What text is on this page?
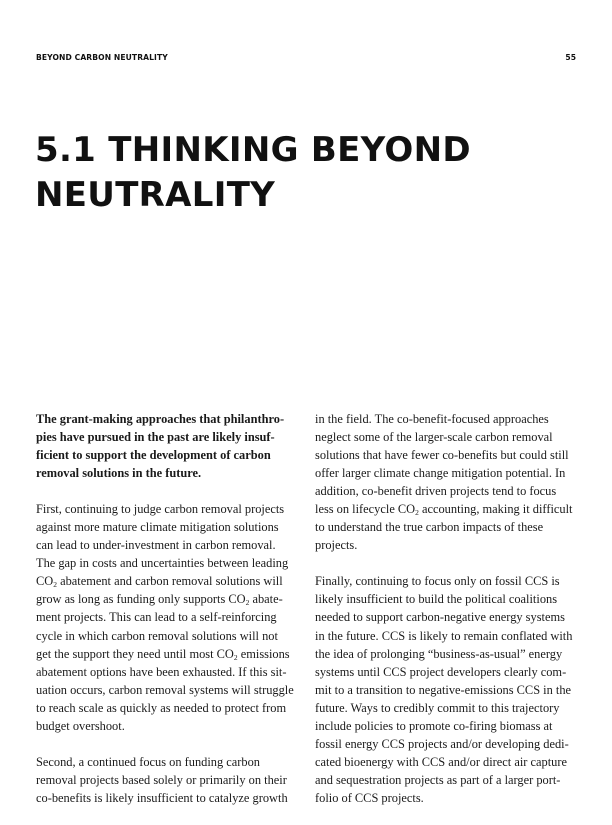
BEYOND CARBON NEUTRALITY	55
5.1 THINKING BEYOND
NEUTRALITY
The grant-making approaches that philanthro-
pies have pursued in the past are likely insuf-
ficient to support the development of carbon
removal solutions in the future.
First, continuing to judge carbon removal projects
against more mature climate mitigation solutions
can lead to under-investment in carbon removal.
The gap in costs and uncertainties between leading
$CO_2$ abatement and carbon removal solutions will
grow as long as funding only supports $CO_2$ abate-
ment projects. This can lead to a self-reinforcing
cycle in which carbon removal solutions will not
get the support they need until most $CO_2$ emissions
abatement options have been exhausted. If this sit-
uation occurs, carbon removal systems will struggle
to reach scale as quickly as needed to protect from
budget overshoot.
Second, a continued focus on funding carbon
removal projects based solely or primarily on their
co-benefits is likely insufficient to catalyze growth
in the field. The co-benefit-focused approaches
neglect some of the larger-scale carbon removal
solutions that have fewer co-benefits but could still
offer larger climate change mitigation potential. In
addition, co-benefit driven projects tend to focus
less on lifecycle $CO_2$ accounting, making it difficult
to understand the true carbon impacts of these
projects.
Finally, continuing to focus only on fossil CCS is
likely insufficient to build the political coalitions
needed to support carbon-negative energy systems
in the future. CCS is likely to remain conflated with
the idea of prolonging “business-as-usual” energy
systems until CCS project developers clearly com-
mit to a transition to negative-emissions CCS in the
future. Ways to credibly commit to this trajectory
include policies to promote co-firing biomass at
fossil energy CCS projects and/or developing dedi-
cated bioenergy with CCS and/or direct air capture
and sequestration projects as part of a larger port-
folio of CCS projects.
